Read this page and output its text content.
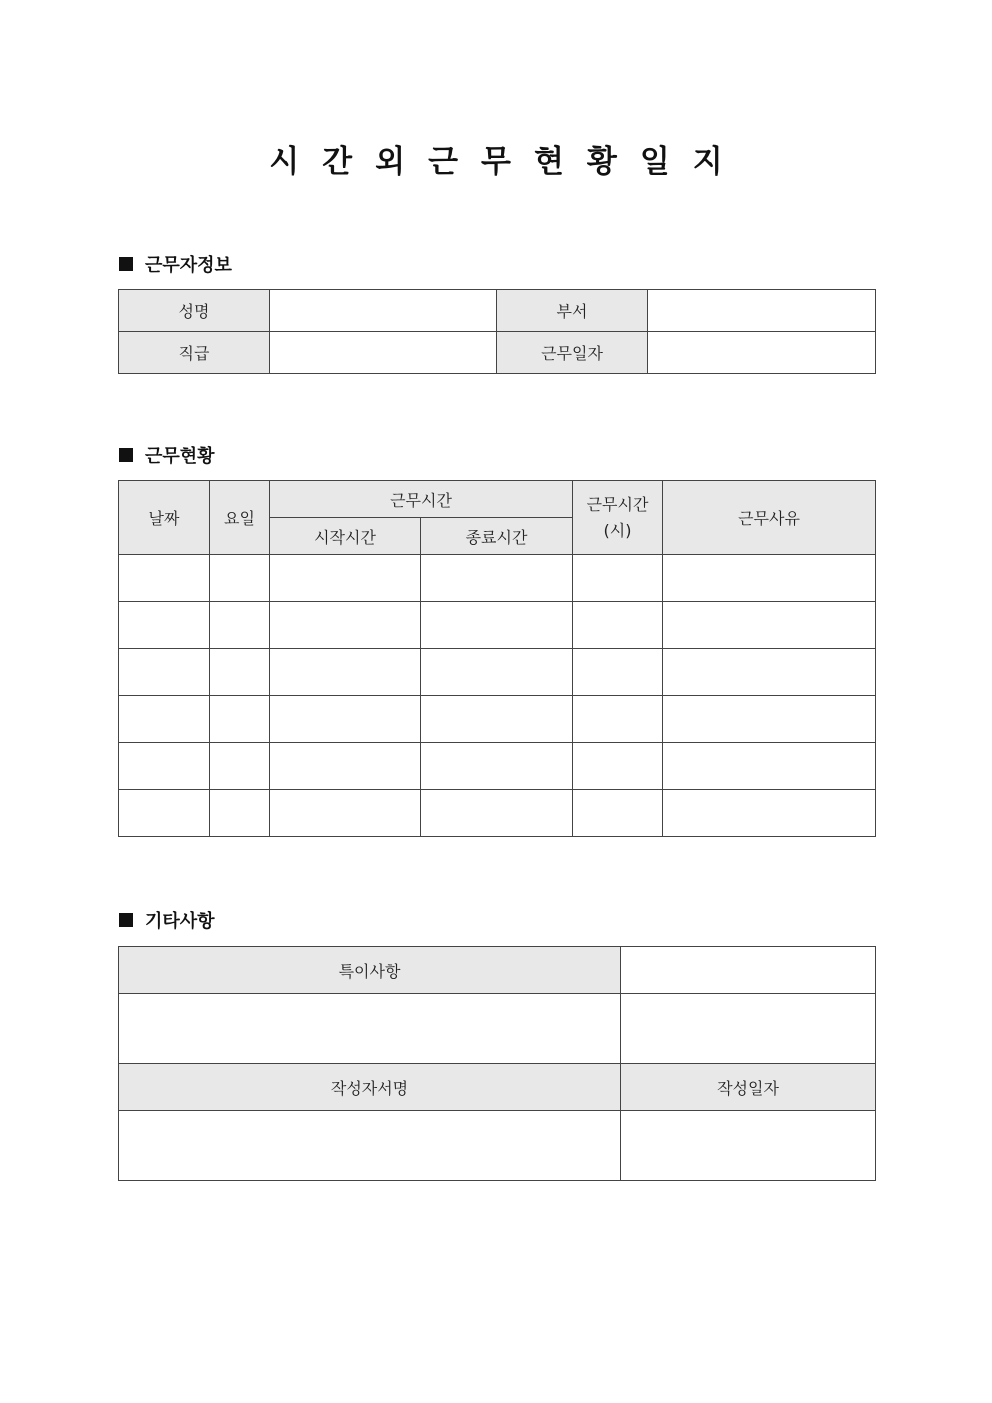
시간외근무현황일지
근무자정보
성명		부서	
직급		근무일자	
근무현황
날짜	요일	근무시간		근무시간(시)	근무사유
		시작시간	종료시간		

기타사항
특이사항	

작성자서명	작성일자
